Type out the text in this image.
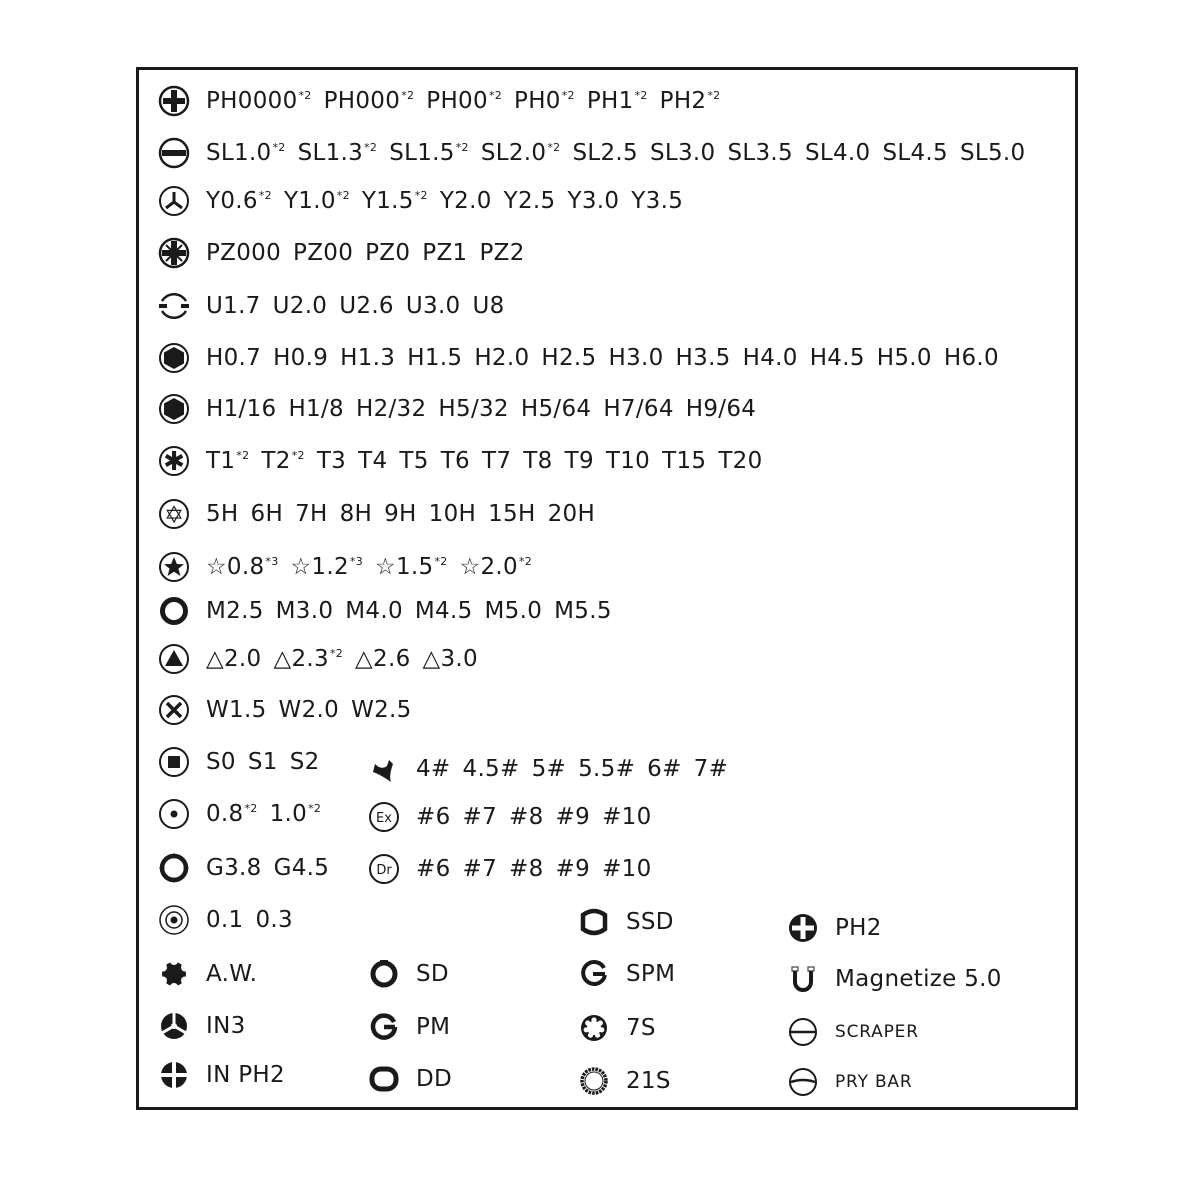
PH0000$^{*2}$ PH000$^{*2}$ PH00$^{*2}$ PH0$^{*2}$ PH1$^{*2}$ PH2$^{*2}$
SL1.0$^{*2}$ SL1.3$^{*2}$ SL1.5$^{*2}$ SL2.0$^{*2}$ SL2.5 SL3.0 SL3.5 SL4.0 SL4.5 SL5.0
Y0.6$^{*2}$ Y1.0$^{*2}$ Y1.5$^{*2}$ Y2.0 Y2.5 Y3.0 Y3.5
PZ000 PZ00 PZ0 PZ1 PZ2
U1.7 U2.0 U2.6 U3.0 U8
H0.7 H0.9 H1.3 H1.5 H2.0 H2.5 H3.0 H3.5 H4.0 H4.5 H5.0 H6.0
H1/16 H1/8 H2/32 H5/32 H5/64 H7/64 H9/64
✱ T1$^{*2}$ T2$^{*2}$ T3 T4 T5 T6 T7 T8 T9 T10 T15 T20
✡ 5H 6H 7H 8H 9H 10H 15H 20H
☆0.8$^{*3}$ ☆1.2$^{*3}$ ☆1.5$^{*2}$ ☆2.0$^{*2}$
M2.5 M3.0 M4.0 M4.5 M5.0 M5.5
△2.0 △2.3$^{*2}$ △2.6 △3.0
W1.5 W2.0 W2.5
S0 S1 S2
0.8$^{*2}$ 1.0$^{*2}$
G3.8 G4.5
0.1 0.3
A.W.
IN3
IN PH2
4# 4.5# 5# 5.5# 6# 7#
Ex #6 #7 #8 #9 #10
Dr #6 #7 #8 #9 #10
SD
PM
DD
SSD
SPM
7S
21S
PH2
Magnetize 5.0
SCRAPER
PRY BAR
